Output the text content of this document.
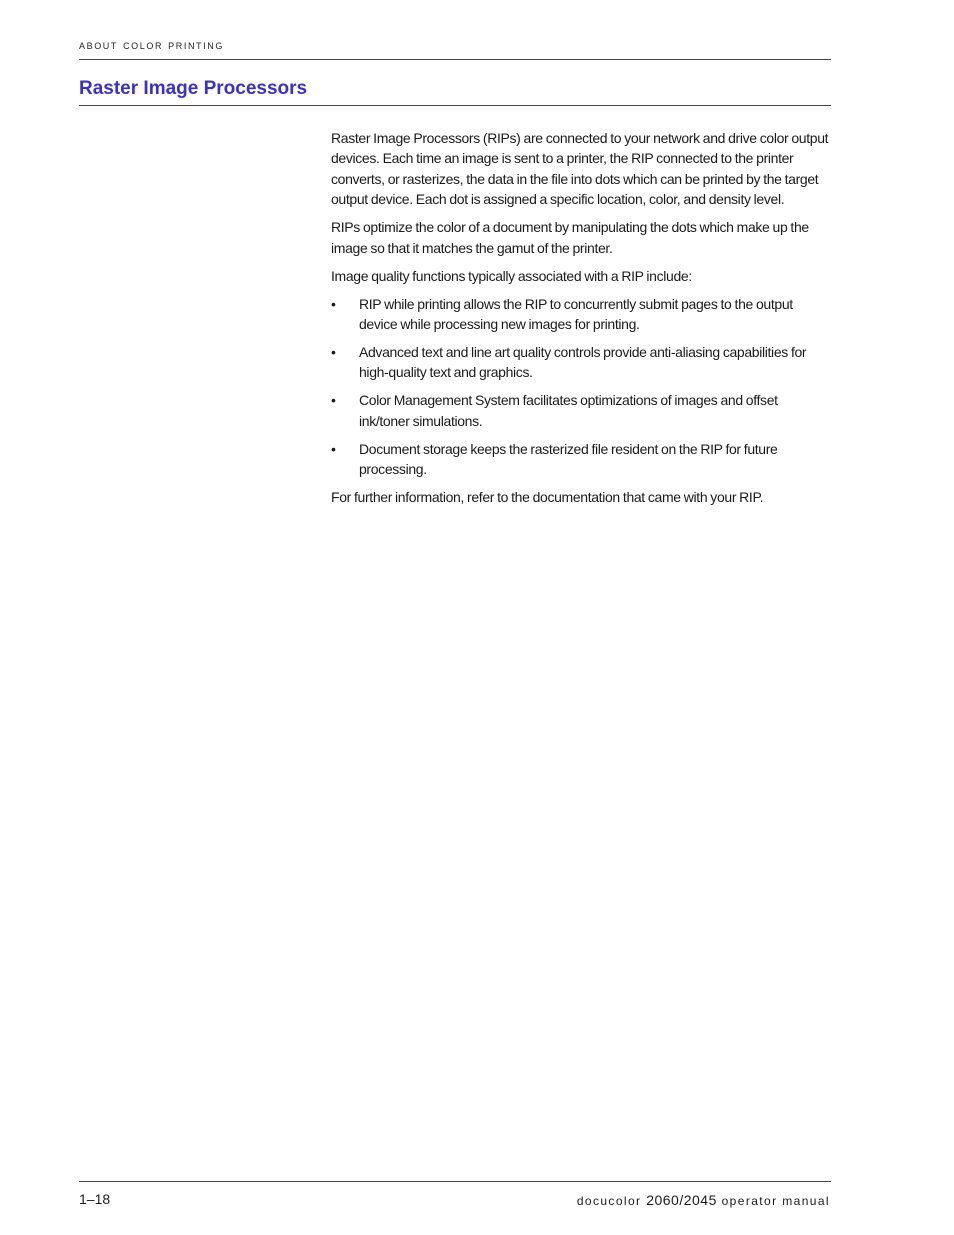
about color printing
Raster Image Processors

Raster Image Processors (RIPs) are connected to your network and drive color output devices. Each time an image is sent to a printer, the RIP connected to the printer converts, or rasterizes, the data in the file into dots which can be printed by the target output device. Each dot is assigned a specific location, color, and density level.

RIPs optimize the color of a document by manipulating the dots which make up the image so that it matches the gamut of the printer.

Image quality functions typically associated with a RIP include:

• RIP while printing allows the RIP to concurrently submit pages to the output device while processing new images for printing.
• Advanced text and line art quality controls provide anti-aliasing capabilities for high-quality text and graphics.
• Color Management System facilitates optimizations of images and offset ink/toner simulations.
• Document storage keeps the rasterized file resident on the RIP for future processing.

For further information, refer to the documentation that came with your RIP.

1–18	docucolor 2060/2045 operator manual
